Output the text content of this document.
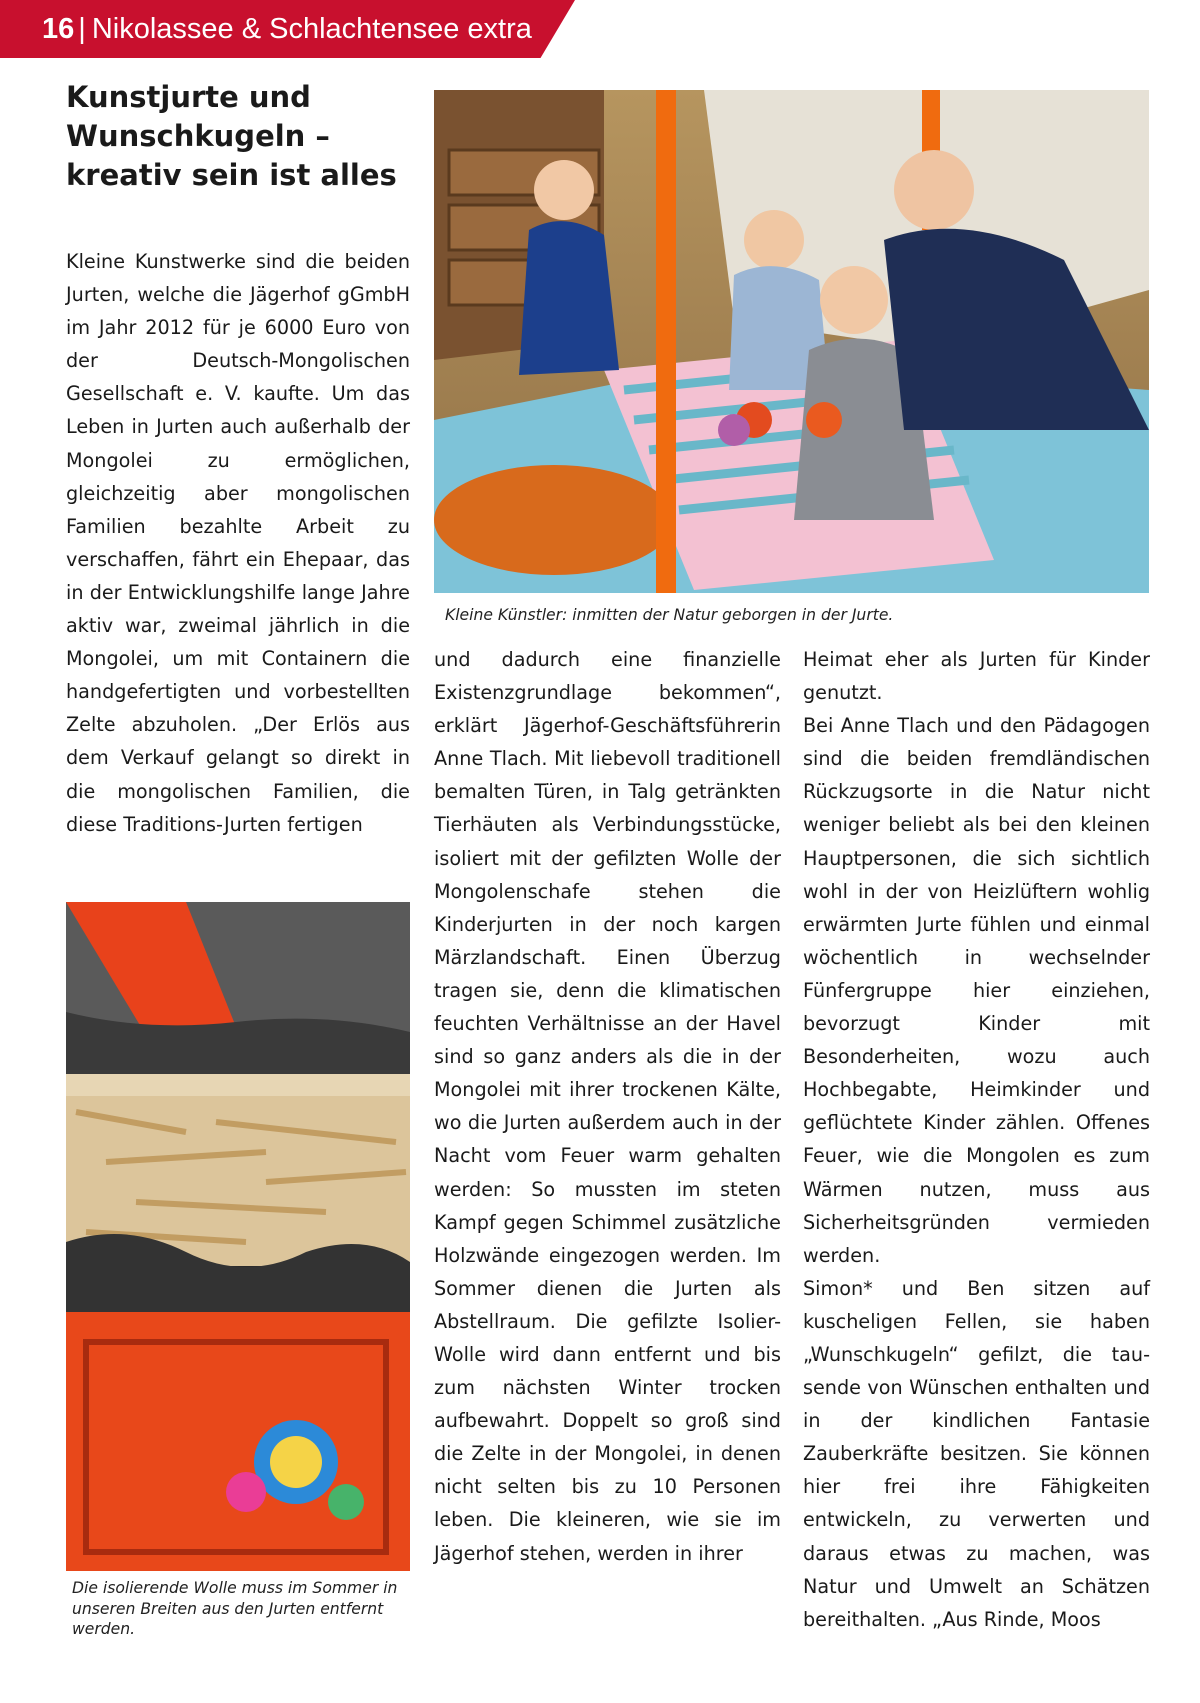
16 | Nikolassee & Schlachtensee extra
Kunstjurte und
Wunschkugeln –
kreativ sein ist alles

Kleine Kunstwerke sind die beiden Jurten, welche die Jägerhof gGmbH im Jahr 2012 für je 6000 Euro von der Deutsch-Mongolischen Gesellschaft e. V. kaufte. Um das Leben in Jurten auch außerhalb der Mongolei zu ermöglichen, gleichzeitig aber mongolischen Familien bezahlte Arbeit zu verschaffen, fährt ein Ehepaar, das in der Entwicklungshilfe lange Jahre aktiv war, zweimal jährlich in die Mongolei, um mit Containern die handgefertigten und vorbestellten Zelte abzuholen. „Der Erlös aus dem Verkauf gelangt so direkt in die mongolischen Familien, die diese Traditions-Jurten fertigen

Kleine Künstler: inmitten der Natur geborgen in der Jurte.

Die isolierende Wolle muss im Sommer in unseren Breiten aus den Jurten entfernt werden.

und dadurch eine finanzielle Existenzgrundlage bekommen“, erklärt Jägerhof-Geschäftsführerin Anne Tlach. Mit liebevoll traditionell bemalten Türen, in Talg getränkten Tierhäuten als Verbindungsstücke, isoliert mit der gefilzten Wolle der Mongolenschafe stehen die Kinderjurten in der noch kargen Märzlandschaft. Einen Überzug tragen sie, denn die klimatischen feuchten Verhältnisse an der Havel sind so ganz anders als die in der Mongolei mit ihrer trockenen Kälte, wo die Jurten außerdem auch in der Nacht vom Feuer warm gehalten werden: So mussten im steten Kampf gegen Schimmel zusätzliche Holzwände eingezogen werden. Im Sommer dienen die Jurten als Abstellraum. Die gefilzte Isolier-Wolle wird dann entfernt und bis zum nächsten Winter trocken aufbewahrt. Doppelt so groß sind die Zelte in der Mongolei, in denen nicht selten bis zu 10 Personen leben. Die kleineren, wie sie im Jägerhof stehen, werden in ihrer

Heimat eher als Jurten für Kinder genutzt.

Bei Anne Tlach und den Pädagogen sind die beiden fremdländischen Rückzugsorte in die Natur nicht weniger beliebt als bei den kleinen Hauptpersonen, die sich sichtlich wohl in der von Heizlüftern wohlig erwärmten Jurte fühlen und einmal wöchentlich in wechselnder Fünfergruppe hier einziehen, bevorzugt Kinder mit Besonderheiten, wozu auch Hochbegabte, Heimkinder und geflüchtete Kinder zählen. Offenes Feuer, wie die Mongolen es zum Wärmen nutzen, muss aus Sicherheitsgründen vermieden werden.

Simon* und Ben sitzen auf kuscheligen Fellen, sie haben „Wunschkugeln“ gefilzt, die tausende von Wünschen enthalten und in der kindlichen Fantasie Zauberkräfte besitzen. Sie können hier frei ihre Fähigkeiten entwickeln, zu verwerten und daraus etwas zu machen, was Natur und Umwelt an Schätzen bereithalten. „Aus Rinde, Moos
